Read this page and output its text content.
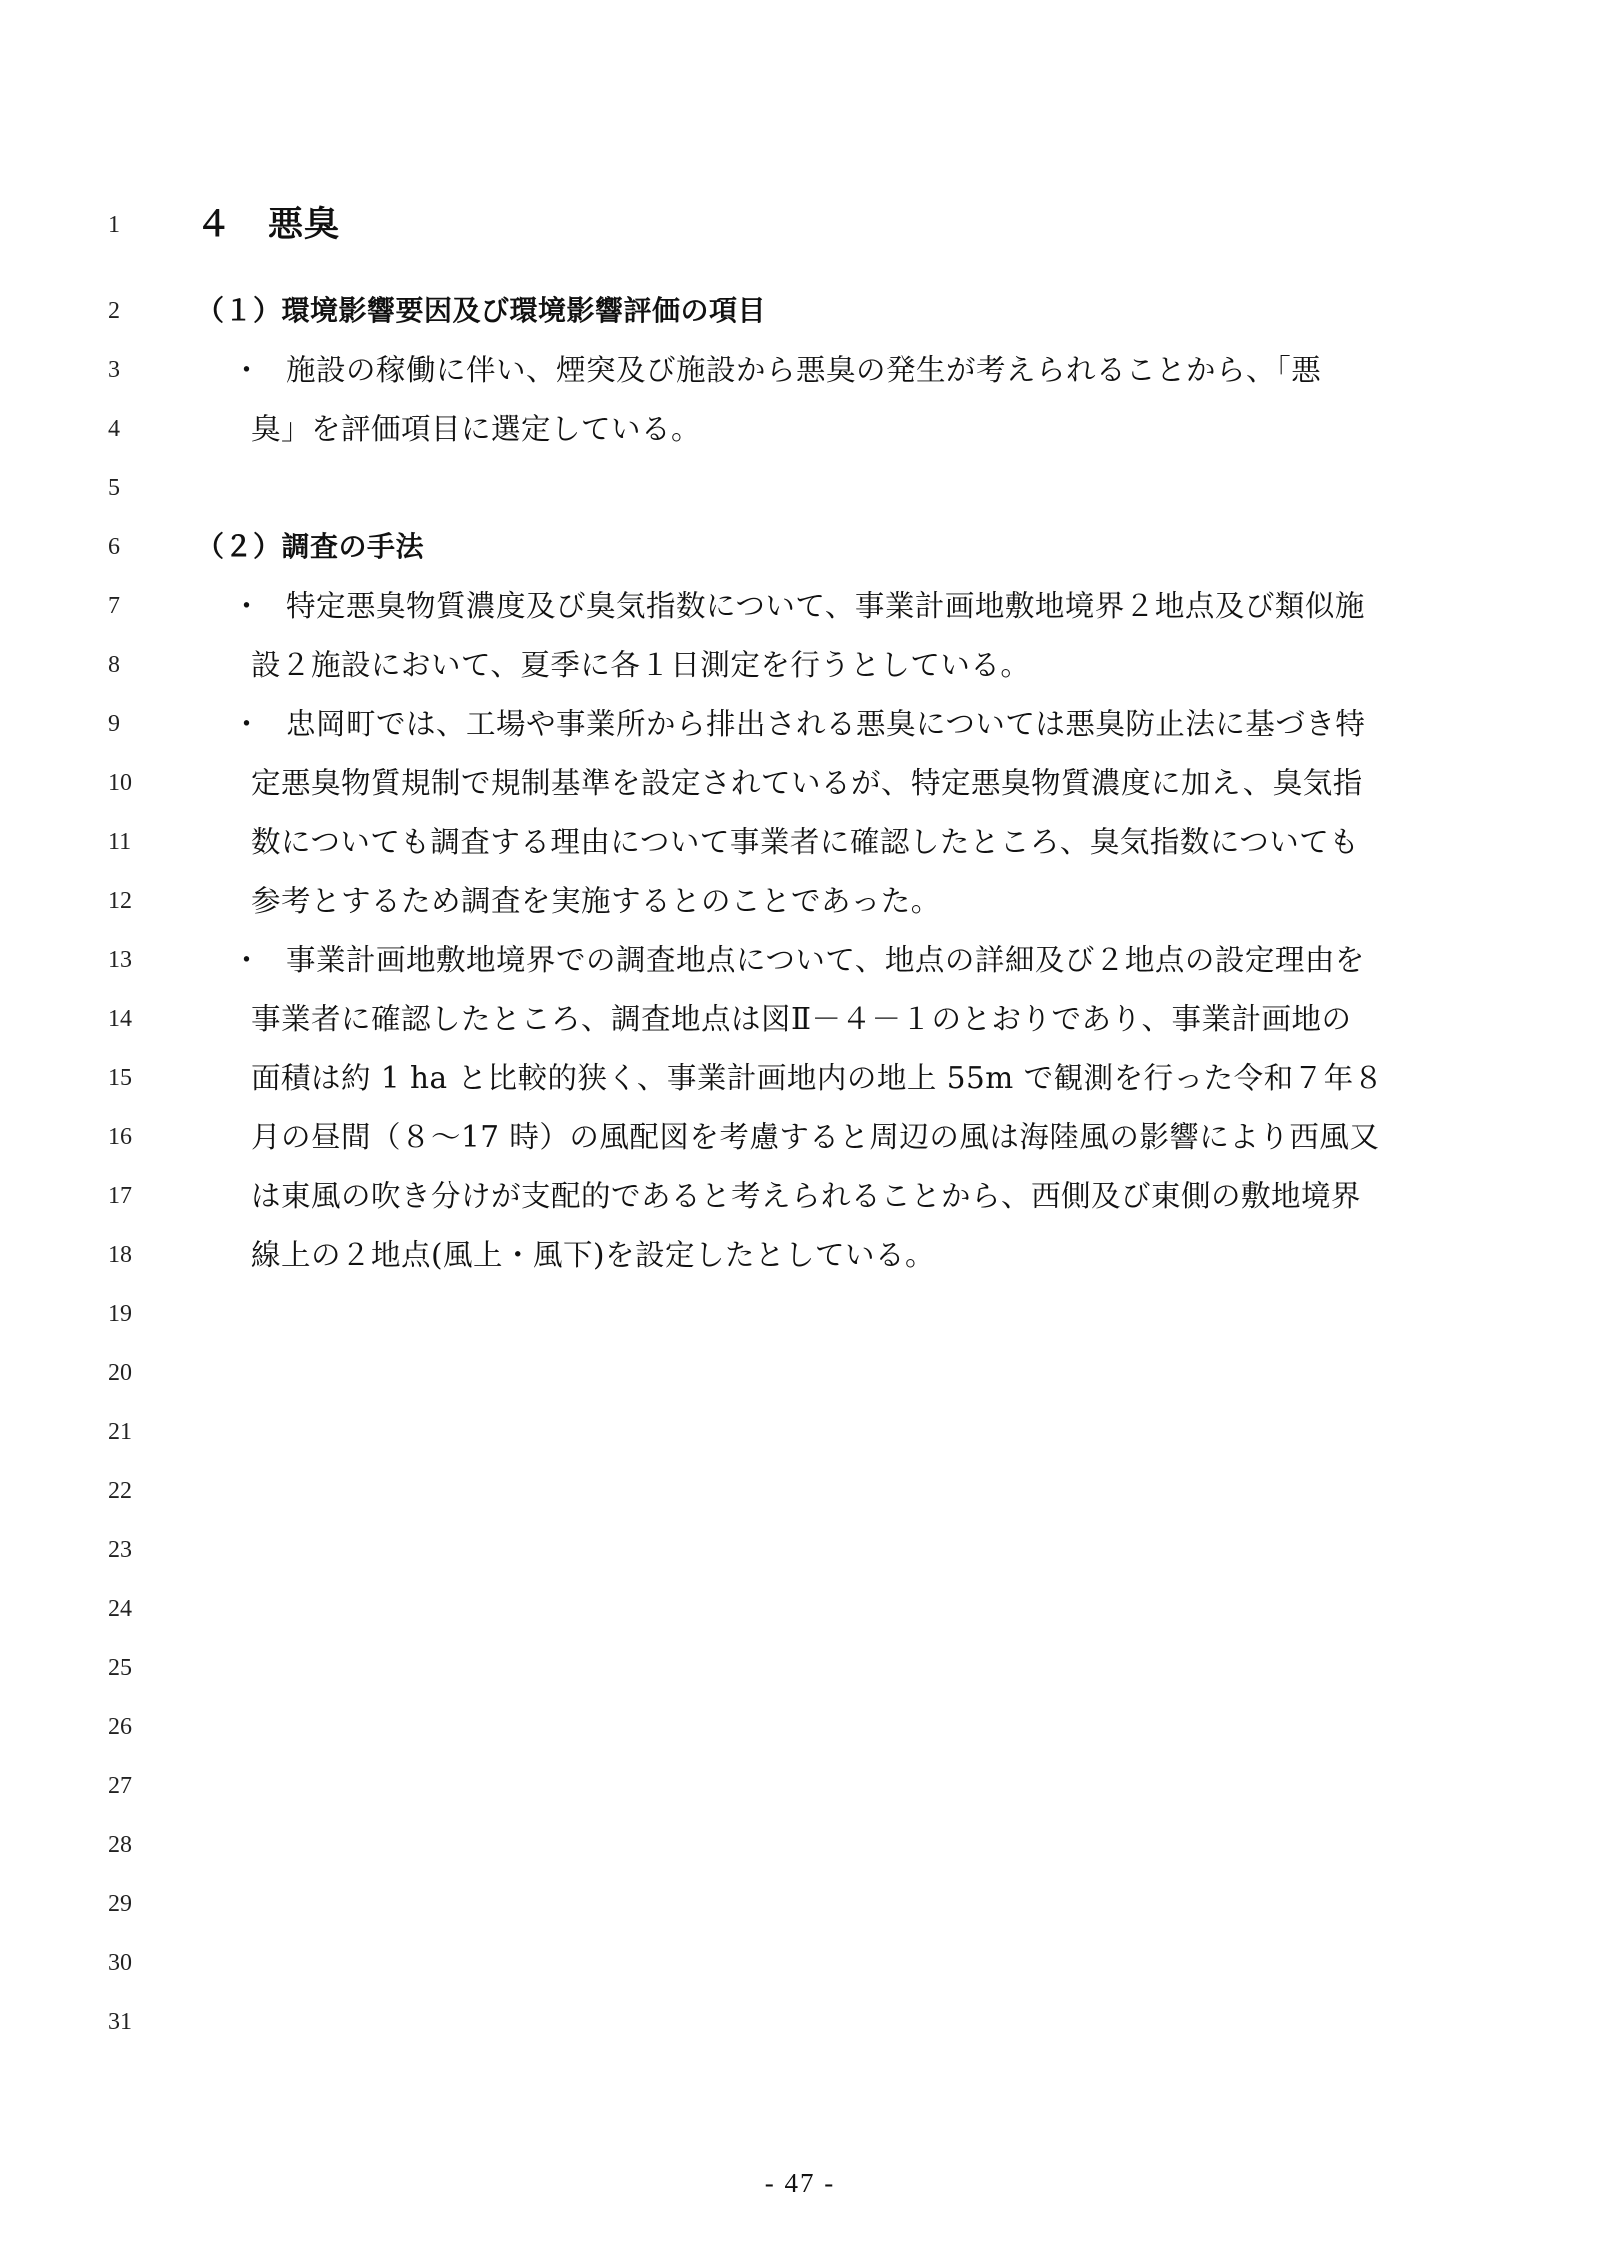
1	４　悪臭
2	（１）環境影響要因及び環境影響評価の項目
3	・ 施設の稼働に伴い、煙突及び施設から悪臭の発生が考えられることから、「悪
4	臭」を評価項目に選定している。
5
6	（２）調査の手法
7	・ 特定悪臭物質濃度及び臭気指数について、事業計画地敷地境界２地点及び類似施
8	設２施設において、夏季に各１日測定を行うとしている。
9	・ 忠岡町では、工場や事業所から排出される悪臭については悪臭防止法に基づき特
10	定悪臭物質規制で規制基準を設定されているが、特定悪臭物質濃度に加え、臭気指
11	数についても調査する理由について事業者に確認したところ、臭気指数についても
12	参考とするため調査を実施するとのことであった。
13	・ 事業計画地敷地境界での調査地点について、地点の詳細及び２地点の設定理由を
14	事業者に確認したところ、調査地点は図Ⅱ－４－１のとおりであり、事業計画地の
15	面積は約 1 ha と比較的狭く、事業計画地内の地上 55m で観測を行った令和７年８
16	月の昼間（８～17 時）の風配図を考慮すると周辺の風は海陸風の影響により西風又
17	は東風の吹き分けが支配的であると考えられることから、西側及び東側の敷地境界
18	線上の２地点(風上・風下)を設定したとしている。
19
20
21
22
23
24
25
26
27
28
29
30
31
- 47 -
